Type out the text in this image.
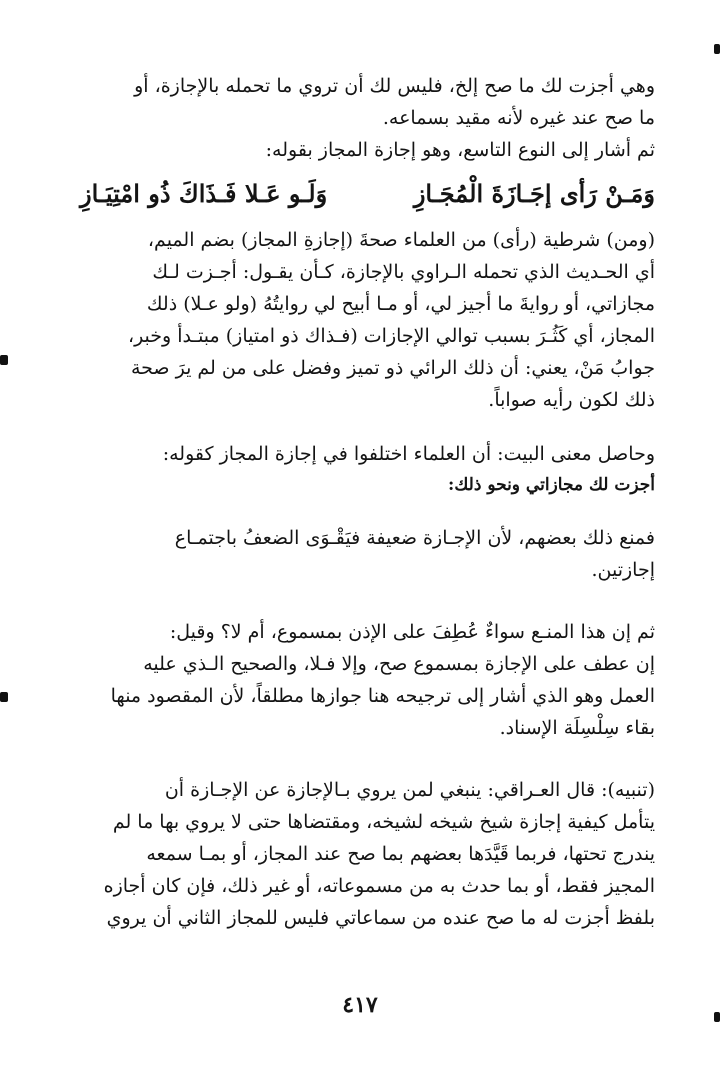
وهي أجزت لك ما صح إلخ، فليس لك أن تروي ما تحمله بالإجازة، أو
ما صح عند غيره لأنه مقيد بسماعه.
ثم أشار إلى النوع التاسع، وهو إجازة المجاز بقوله:
وَمَـنْ رَأى إجَـازَةَ الْمُجَـازِ
وَلَـو عَـلا فَـذَاكَ ذُو امْتِيَـازِ
(ومن) شرطية (رأى) من العلماء صحةَ (إجازةِ المجاز) بضم الميم،
أي الحـديث الذي تحمله الـراوي بالإجازة، كـأن يقـول: أجـزت لـك
مجازاتي، أو روايةَ ما أجيز لي، أو مـا أبيح لي روايتُهُ (ولو عـلا) ذلك
المجاز، أي كَثُـرَ بسبب توالي الإجازات (فـذاك ذو امتياز) مبتـدأ وخبر،
جوابُ مَنْ، يعني: أن ذلك الرائي ذو تميز وفضل على من لم يرَ صحة
ذلك لكون رأيه صواباً.
وحاصل معنى البيت: أن العلماء اختلفوا في إجازة المجاز كقوله:
أجزت لك مجازاتي ونحو ذلك:
فمنع ذلك بعضهم، لأن الإجـازة ضعيفة فيَقْـوَى الضعفُ باجتمـاع
إجازتين.
ثم إن هذا المنـع سواءٌ عُطِفَ على الإذن بمسموع، أم لا؟ وقيل:
إن عطف على الإجازة بمسموع صح، وإلا فـلا، والصحيح الـذي عليه
العمل وهو الذي أشار إلى ترجيحه هنا جوازها مطلقاً، لأن المقصود منها
بقاء سِلْسِلَة الإسناد.
(تنبيه): قال العـراقي: ينبغي لمن يروي بـالإجازة عن الإجـازة أن
يتأمل كيفية إجازة شيخ شيخه لشيخه، ومقتضاها حتى لا يروي بها ما لم
يندرج تحتها، فربما قَيَّدَها بعضهم بما صح عند المجاز، أو بمـا سمعه
المجيز فقط، أو بما حدث به من مسموعاته، أو غير ذلك، فإن كان أجازه
بلفظ أجزت له ما صح عنده من سماعاتي فليس للمجاز الثاني أن يروي
٤١٧
